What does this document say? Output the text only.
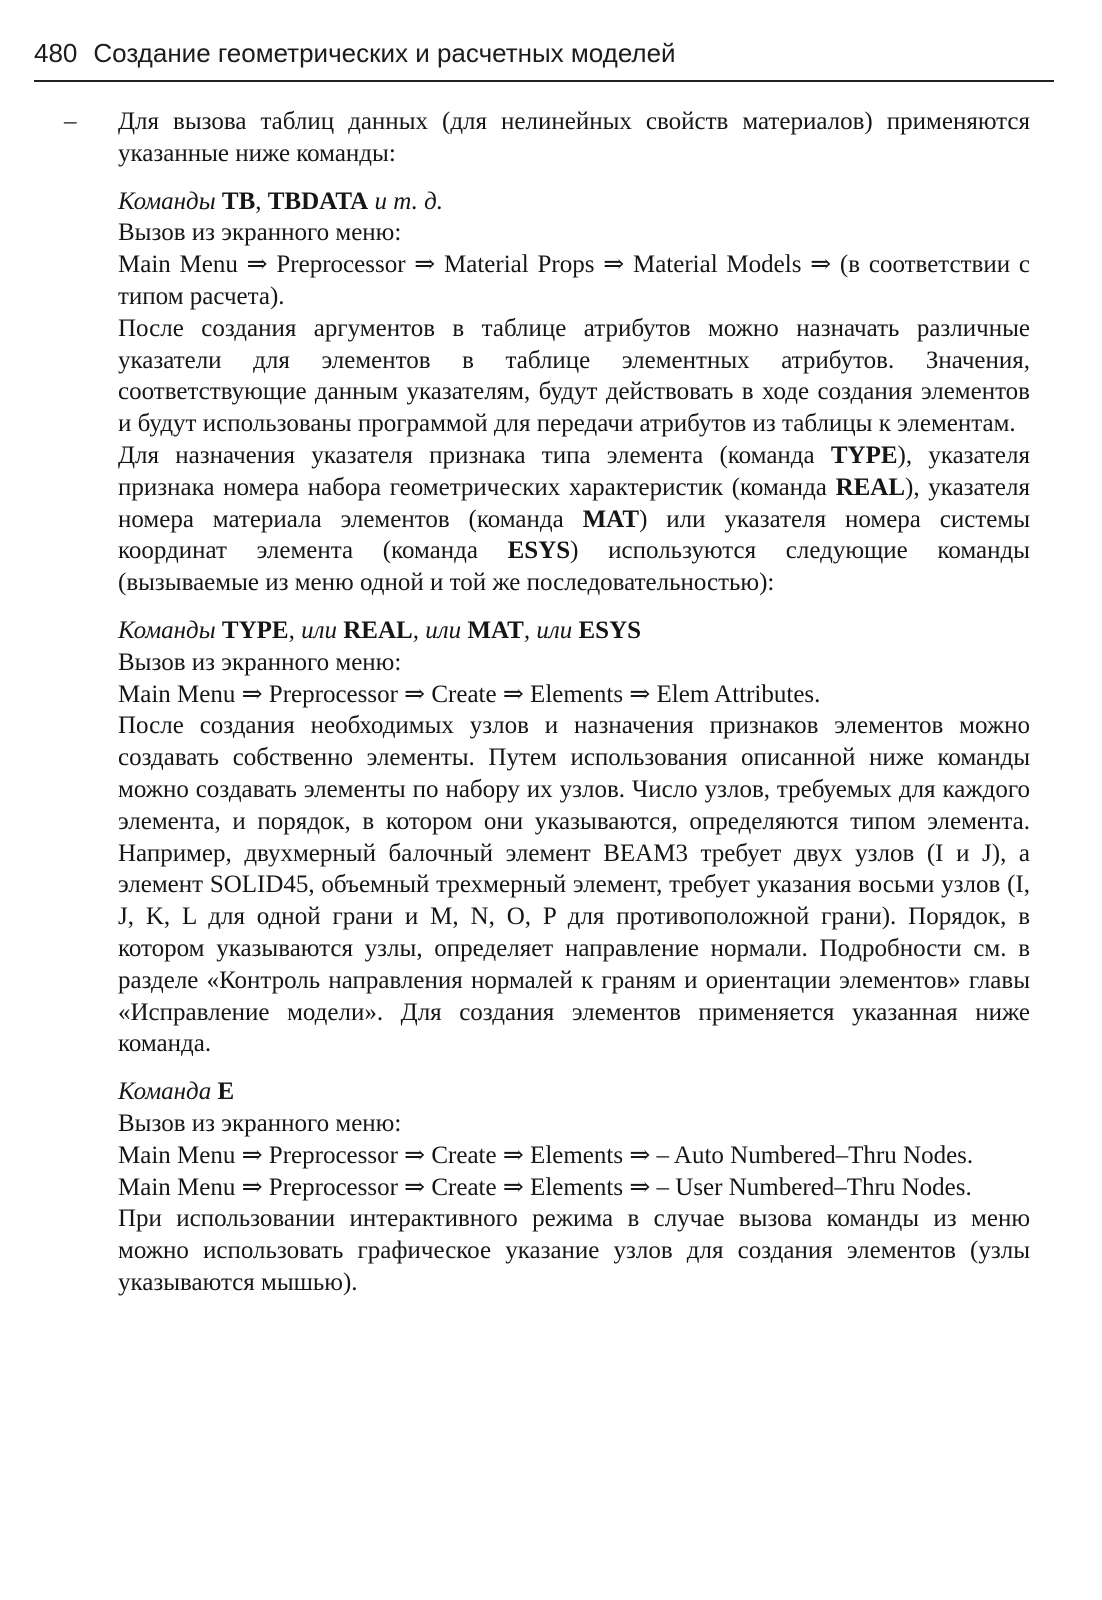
480 Создание геометрических и расчетных моделей

– Для вызова таблиц данных (для нелинейных свойств материалов) применяются указанные ниже команды:

Команды TB, TBDATA и т. д.

Вызов из экранного меню:

Main Menu ⇒ Preprocessor ⇒ Material Props ⇒ Material Models ⇒ (в соответствии с типом расчета).

После создания аргументов в таблице атрибутов можно назначать различные указатели для элементов в таблице элементных атрибутов. Значения, соответствующие данным указателям, будут действовать в ходе создания элементов и будут использованы программой для передачи атрибутов из таблицы к элементам.

Для назначения указателя признака типа элемента (команда TYPE), указателя признака номера набора геометрических характеристик (команда REAL), указателя номера материала элементов (команда MAT) или указателя номера системы координат элемента (команда ESYS) используются следующие команды (вызываемые из меню одной и той же последовательностью):

Команды TYPE, или REAL, или MAT, или ESYS

Вызов из экранного меню:

Main Menu ⇒ Preprocessor ⇒ Create ⇒ Elements ⇒ Elem Attributes.

После создания необходимых узлов и назначения признаков элементов можно создавать собственно элементы. Путем использования описанной ниже команды можно создавать элементы по набору их узлов. Число узлов, требуемых для каждого элемента, и порядок, в котором они указываются, определяются типом элемента. Например, двухмерный балочный элемент BEAM3 требует двух узлов (I и J), а элемент SOLID45, объемный трехмерный элемент, требует указания восьми узлов (I, J, K, L для одной грани и M, N, O, P для противоположной грани). Порядок, в котором указываются узлы, определяет направление нормали. Подробности см. в разделе «Контроль направления нормалей к граням и ориентации элементов» главы «Исправление модели». Для создания элементов применяется указанная ниже команда.

Команда E

Вызов из экранного меню:

Main Menu ⇒ Preprocessor ⇒ Create ⇒ Elements ⇒ – Auto Numbered–Thru Nodes.

Main Menu ⇒ Preprocessor ⇒ Create ⇒ Elements ⇒ – User Numbered–Thru Nodes.

При использовании интерактивного режима в случае вызова команды из меню можно использовать графическое указание узлов для создания элементов (узлы указываются мышью).
